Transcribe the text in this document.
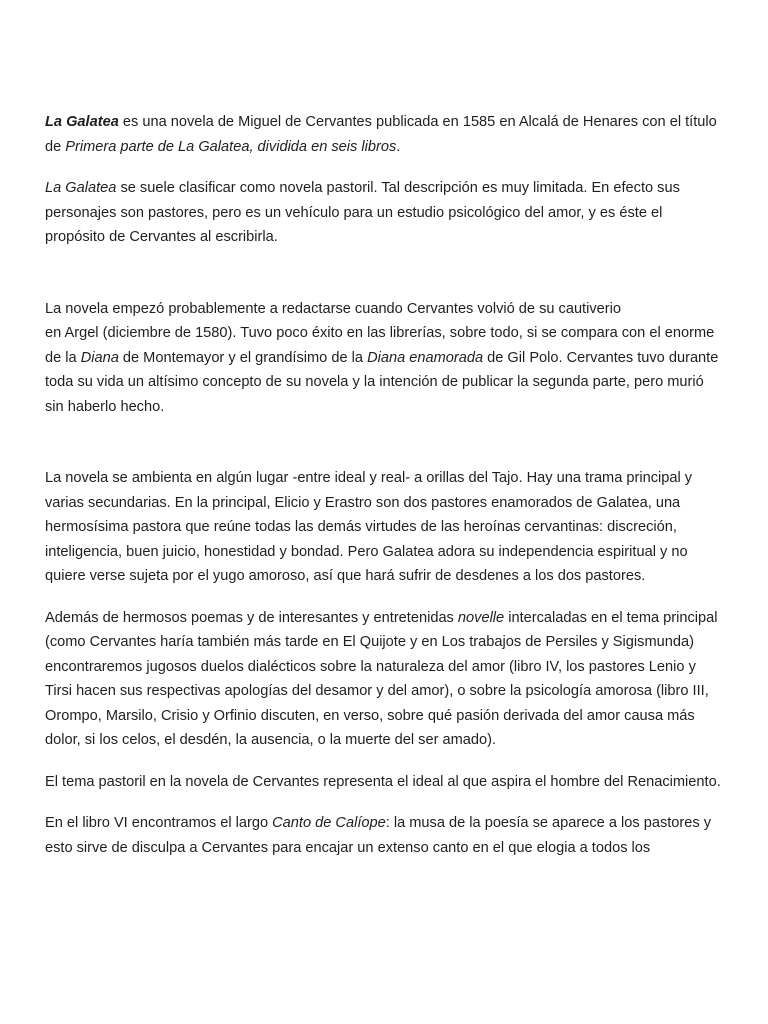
La Galatea es una novela de Miguel de Cervantes publicada en 1585 en Alcalá de Henares con el título de Primera parte de La Galatea, dividida en seis libros.

La Galatea se suele clasificar como novela pastoril. Tal descripción es muy limitada. En efecto sus personajes son pastores, pero es un vehículo para un estudio psicológico del amor, y es éste el propósito de Cervantes al escribirla.

La novela empezó probablemente a redactarse cuando Cervantes volvió de su cautiverio
en Argel (diciembre de 1580). Tuvo poco éxito en las librerías, sobre todo, si se compara con el enorme de la Diana de Montemayor y el grandísimo de la Diana enamorada de Gil Polo. Cervantes tuvo durante toda su vida un altísimo concepto de su novela y la intención de publicar la segunda parte, pero murió sin haberlo hecho.

La novela se ambienta en algún lugar -entre ideal y real- a orillas del Tajo. Hay una trama principal y varias secundarias. En la principal, Elicio y Erastro son dos pastores enamorados de Galatea, una hermosísima pastora que reúne todas las demás virtudes de las heroínas cervantinas: discreción, inteligencia, buen juicio, honestidad y bondad. Pero Galatea adora su independencia espiritual y no quiere verse sujeta por el yugo amoroso, así que hará sufrir de desdenes a los dos pastores.

Además de hermosos poemas y de interesantes y entretenidas novelle intercaladas en el tema principal (como Cervantes haría también más tarde en El Quijote y en Los trabajos de Persiles y Sigismunda) encontraremos jugosos duelos dialécticos sobre la naturaleza del amor (libro IV, los pastores Lenio y Tirsi hacen sus respectivas apologías del desamor y del amor), o sobre la psicología amorosa (libro III, Orompo, Marsilo, Crisio y Orfinio discuten, en verso, sobre qué pasión derivada del amor causa más dolor, si los celos, el desdén, la ausencia, o la muerte del ser amado).

El tema pastoril en la novela de Cervantes representa el ideal al que aspira el hombre del Renacimiento.

En el libro VI encontramos el largo Canto de Calíope: la musa de la poesía se aparece a los pastores y esto sirve de disculpa a Cervantes para encajar un extenso canto en el que elogia a todos los
